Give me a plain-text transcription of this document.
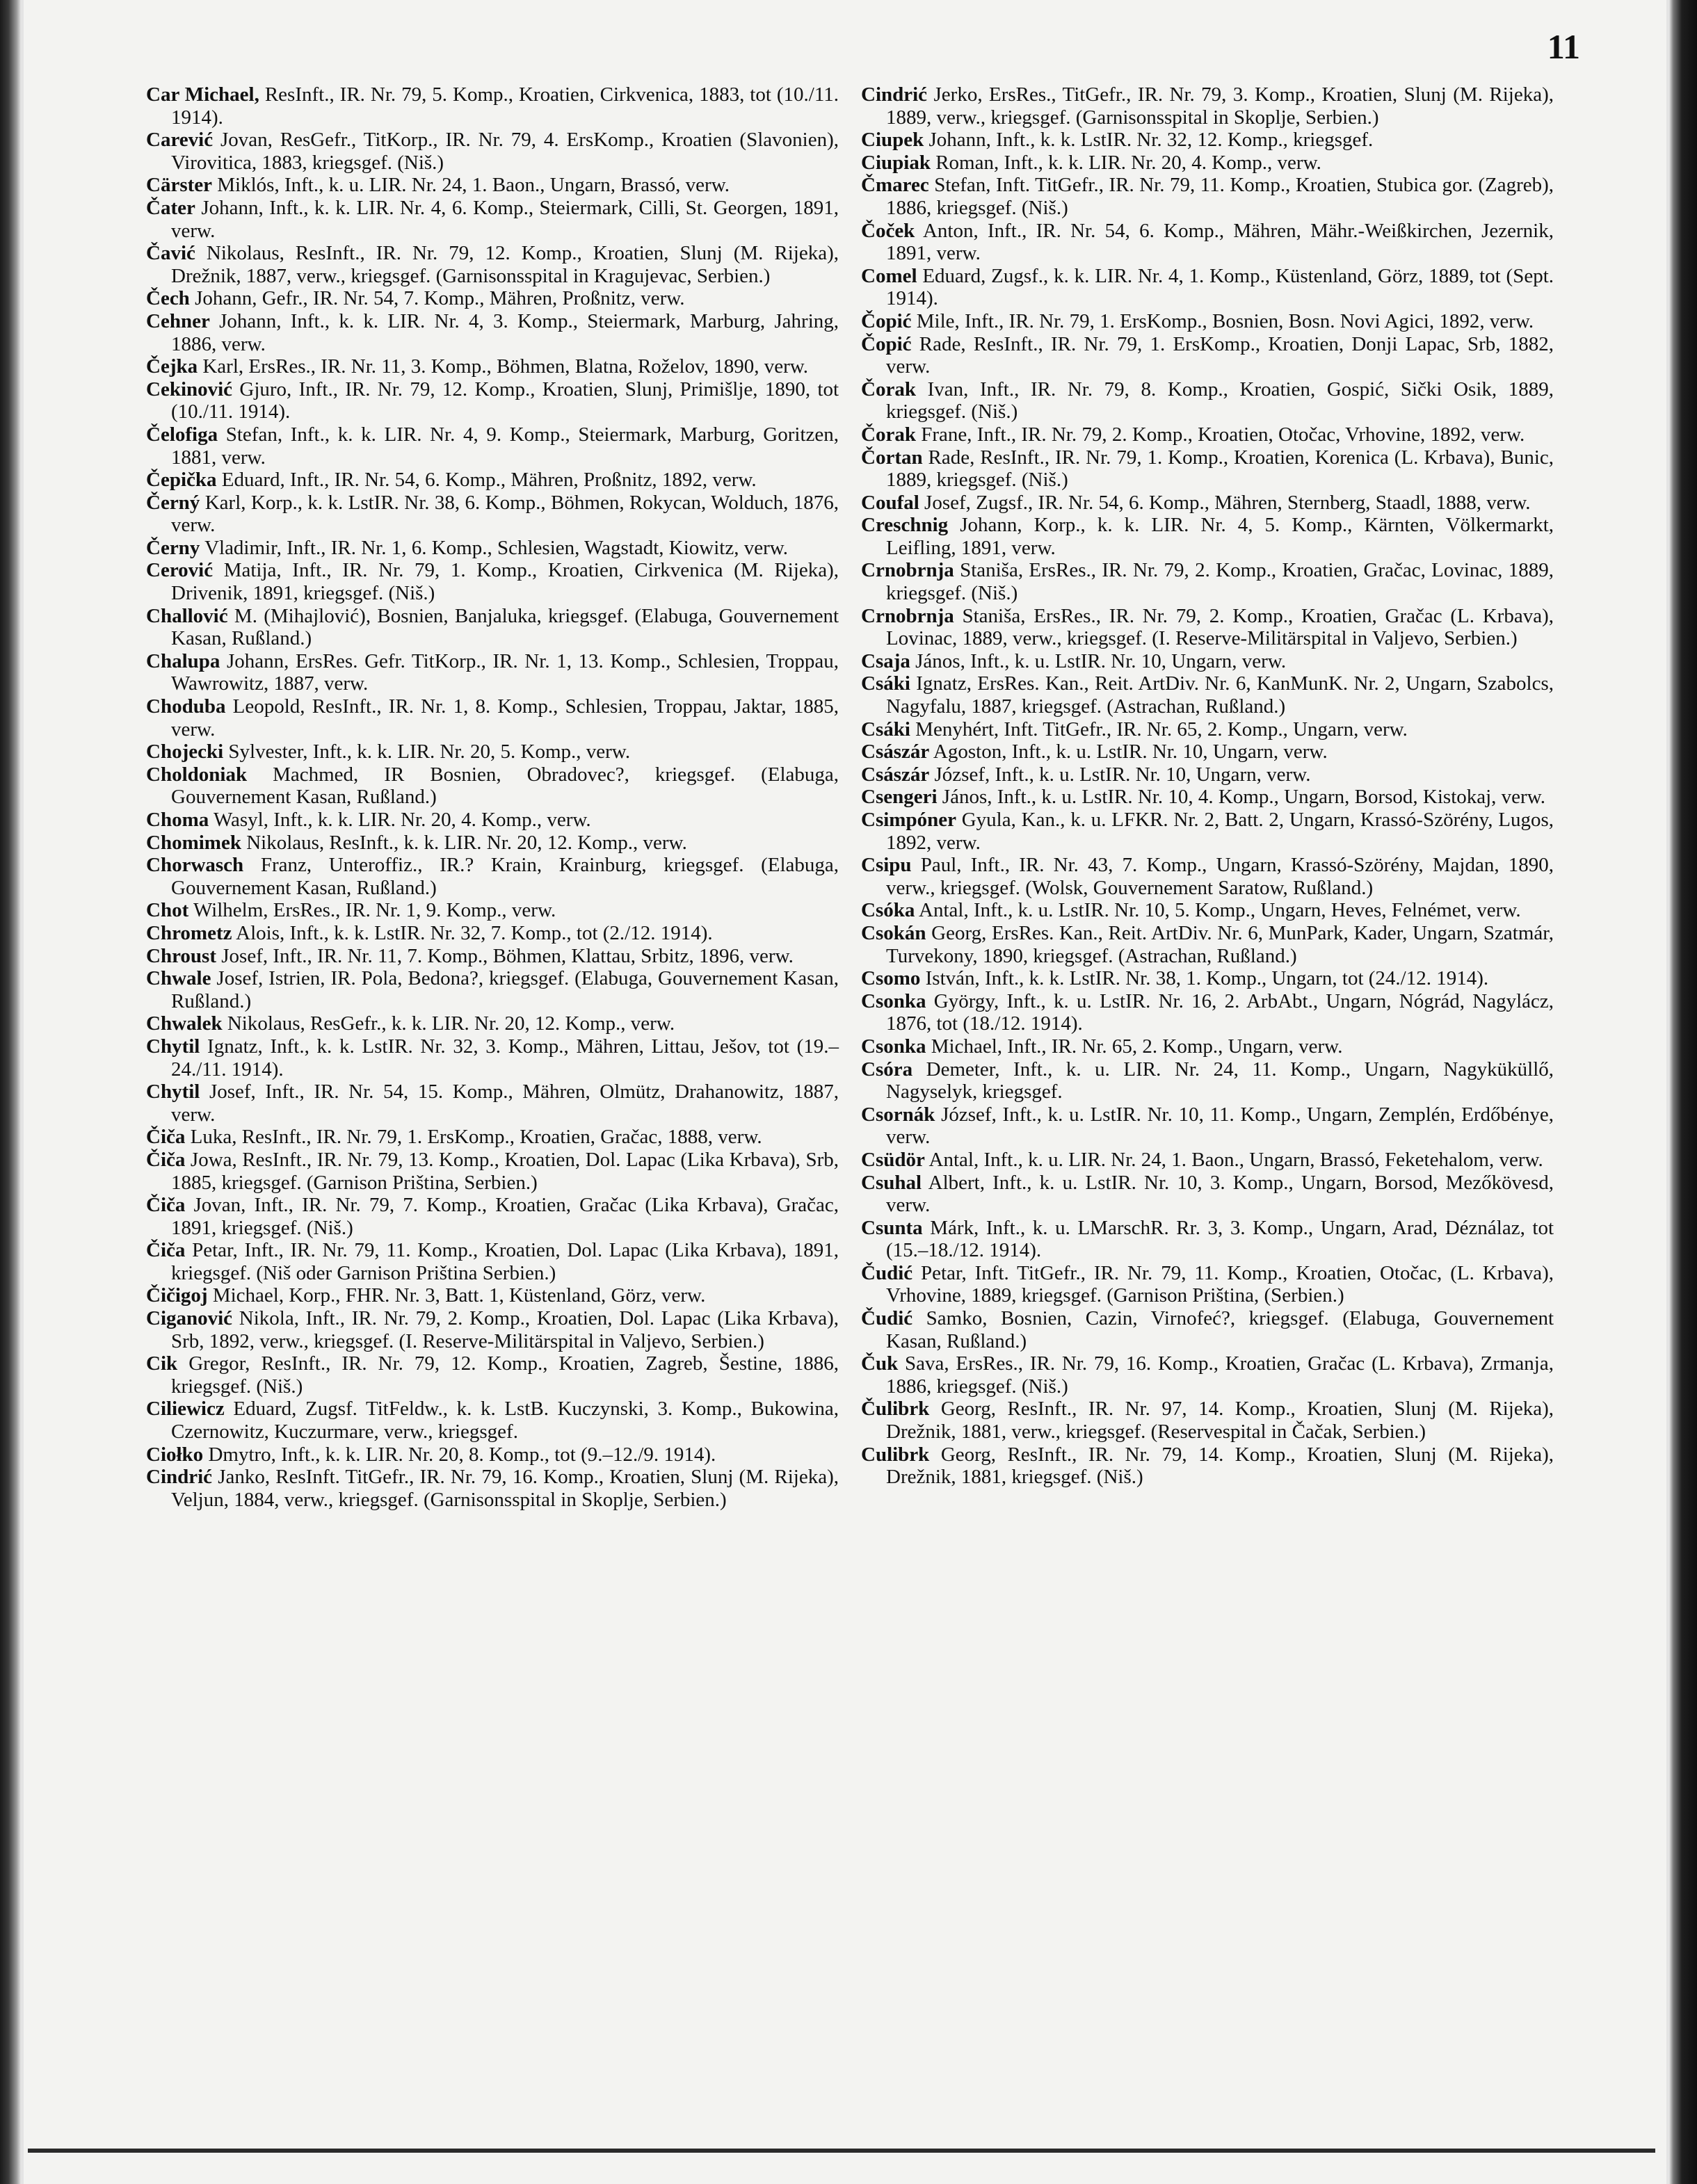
11

Car Michael, ResInft., IR. Nr. 79, 5. Komp., Kroatien, Cirkvenica, 1883, tot (10./11. 1914).

Carević Jovan, ResGefr., TitKorp., IR. Nr. 79, 4. ErsKomp., Kroatien (Slavonien), Virovitica, 1883, kriegsgef. (Niš.)

Cärster Miklós, Inft., k. u. LIR. Nr. 24, 1. Baon., Ungarn, Brassó, verw.

Čater Johann, Inft., k. k. LIR. Nr. 4, 6. Komp., Steiermark, Cilli, St. Georgen, 1891, verw.

Čavić Nikolaus, ResInft., IR. Nr. 79, 12. Komp., Kroatien, Slunj (M. Rijeka), Drežnik, 1887, verw., kriegsgef. (Garnisonsspital in Kragujevac, Serbien.)

Čech Johann, Gefr., IR. Nr. 54, 7. Komp., Mähren, Proßnitz, verw.

Cehner Johann, Inft., k. k. LIR. Nr. 4, 3. Komp., Steiermark, Marburg, Jahring, 1886, verw.

Čejka Karl, ErsRes., IR. Nr. 11, 3. Komp., Böhmen, Blatna, Roželov, 1890, verw.

Cekinović Gjuro, Inft., IR. Nr. 79, 12. Komp., Kroatien, Slunj, Primišlje, 1890, tot (10./11. 1914).

Čelofiga Stefan, Inft., k. k. LIR. Nr. 4, 9. Komp., Steiermark, Marburg, Goritzen, 1881, verw.

Čepička Eduard, Inft., IR. Nr. 54, 6. Komp., Mähren, Proßnitz, 1892, verw.

Černý Karl, Korp., k. k. LstIR. Nr. 38, 6. Komp., Böhmen, Rokycan, Wolduch, 1876, verw.

Černy Vladimir, Inft., IR. Nr. 1, 6. Komp., Schlesien, Wagstadt, Kiowitz, verw.

Cerović Matija, Inft., IR. Nr. 79, 1. Komp., Kroatien, Cirkvenica (M. Rijeka), Drivenik, 1891, kriegsgef. (Niš.)

Challović M. (Mihajlović), Bosnien, Banjaluka, kriegsgef. (Elabuga, Gouvernement Kasan, Rußland.)

Chalupa Johann, ErsRes. Gefr. TitKorp., IR. Nr. 1, 13. Komp., Schlesien, Troppau, Wawrowitz, 1887, verw.

Choduba Leopold, ResInft., IR. Nr. 1, 8. Komp., Schlesien, Troppau, Jaktar, 1885, verw.

Chojecki Sylvester, Inft., k. k. LIR. Nr. 20, 5. Komp., verw.

Choldoniak Machmed, IR Bosnien, Obradovec?, kriegsgef. (Elabuga, Gouvernement Kasan, Rußland.)

Choma Wasyl, Inft., k. k. LIR. Nr. 20, 4. Komp., verw.

Chomimek Nikolaus, ResInft., k. k. LIR. Nr. 20, 12. Komp., verw.

Chorwasch Franz, Unteroffiz., IR.? Krain, Krainburg, kriegsgef. (Elabuga, Gouvernement Kasan, Rußland.)

Chot Wilhelm, ErsRes., IR. Nr. 1, 9. Komp., verw.

Chrometz Alois, Inft., k. k. LstIR. Nr. 32, 7. Komp., tot (2./12. 1914).

Chroust Josef, Inft., IR. Nr. 11, 7. Komp., Böhmen, Klattau, Srbitz, 1896, verw.

Chwale Josef, Istrien, IR. Pola, Bedona?, kriegsgef. (Elabuga, Gouvernement Kasan, Rußland.)

Chwalek Nikolaus, ResGefr., k. k. LIR. Nr. 20, 12. Komp., verw.

Chytil Ignatz, Inft., k. k. LstIR. Nr. 32, 3. Komp., Mähren, Littau, Ješov, tot (19.–24./11. 1914).

Chytil Josef, Inft., IR. Nr. 54, 15. Komp., Mähren, Olmütz, Drahanowitz, 1887, verw.

Čiča Luka, ResInft., IR. Nr. 79, 1. ErsKomp., Kroatien, Gračac, 1888, verw.

Čiča Jowa, ResInft., IR. Nr. 79, 13. Komp., Kroatien, Dol. Lapac (Lika Krbava), Srb, 1885, kriegsgef. (Garnison Priština, Serbien.)

Čiča Jovan, Inft., IR. Nr. 79, 7. Komp., Kroatien, Gračac (Lika Krbava), Gračac, 1891, kriegsgef. (Niš.)

Čiča Petar, Inft., IR. Nr. 79, 11. Komp., Kroatien, Dol. Lapac (Lika Krbava), 1891, kriegsgef. (Niš oder Garnison Priština Serbien.)

Čičigoj Michael, Korp., FHR. Nr. 3, Batt. 1, Küstenland, Görz, verw.

Ciganović Nikola, Inft., IR. Nr. 79, 2. Komp., Kroatien, Dol. Lapac (Lika Krbava), Srb, 1892, verw., kriegsgef. (I. Reserve-Militärspital in Valjevo, Serbien.)

Cik Gregor, ResInft., IR. Nr. 79, 12. Komp., Kroatien, Zagreb, Šestine, 1886, kriegsgef. (Niš.)

Ciliewicz Eduard, Zugsf. TitFeldw., k. k. LstB. Kuczynski, 3. Komp., Bukowina, Czernowitz, Kuczurmare, verw., kriegsgef.

Ciołko Dmytro, Inft., k. k. LIR. Nr. 20, 8. Komp., tot (9.–12./9. 1914).

Cindrić Janko, ResInft. TitGefr., IR. Nr. 79, 16. Komp., Kroatien, Slunj (M. Rijeka), Veljun, 1884, verw., kriegsgef. (Garnisonsspital in Skoplje, Serbien.)

Cindrić Jerko, ErsRes., TitGefr., IR. Nr. 79, 3. Komp., Kroatien, Slunj (M. Rijeka), 1889, verw., kriegsgef. (Garnisonsspital in Skoplje, Serbien.)

Ciupek Johann, Inft., k. k. LstIR. Nr. 32, 12. Komp., kriegsgef.

Ciupiak Roman, Inft., k. k. LIR. Nr. 20, 4. Komp., verw.

Čmarec Stefan, Inft. TitGefr., IR. Nr. 79, 11. Komp., Kroatien, Stubica gor. (Zagreb), 1886, kriegsgef. (Niš.)

Čoček Anton, Inft., IR. Nr. 54, 6. Komp., Mähren, Mähr.-Weißkirchen, Jezernik, 1891, verw.

Comel Eduard, Zugsf., k. k. LIR. Nr. 4, 1. Komp., Küstenland, Görz, 1889, tot (Sept. 1914).

Čopić Mile, Inft., IR. Nr. 79, 1. ErsKomp., Bosnien, Bosn. Novi Agici, 1892, verw.

Čopić Rade, ResInft., IR. Nr. 79, 1. ErsKomp., Kroatien, Donji Lapac, Srb, 1882, verw.

Čorak Ivan, Inft., IR. Nr. 79, 8. Komp., Kroatien, Gospić, Sički Osik, 1889, kriegsgef. (Niš.)

Čorak Frane, Inft., IR. Nr. 79, 2. Komp., Kroatien, Otočac, Vrhovine, 1892, verw.

Čortan Rade, ResInft., IR. Nr. 79, 1. Komp., Kroatien, Korenica (L. Krbava), Bunic, 1889, kriegsgef. (Niš.)

Coufal Josef, Zugsf., IR. Nr. 54, 6. Komp., Mähren, Sternberg, Staadl, 1888, verw.

Creschnig Johann, Korp., k. k. LIR. Nr. 4, 5. Komp., Kärnten, Völkermarkt, Leifling, 1891, verw.

Crnobrnja Staniša, ErsRes., IR. Nr. 79, 2. Komp., Kroatien, Gračac, Lovinac, 1889, kriegsgef. (Niš.)

Crnobrnja Staniša, ErsRes., IR. Nr. 79, 2. Komp., Kroatien, Gračac (L. Krbava), Lovinac, 1889, verw., kriegsgef. (I. Reserve-Militärspital in Valjevo, Serbien.)

Csaja János, Inft., k. u. LstIR. Nr. 10, Ungarn, verw.

Csáki Ignatz, ErsRes. Kan., Reit. ArtDiv. Nr. 6, KanMunK. Nr. 2, Ungarn, Szabolcs, Nagyfalu, 1887, kriegsgef. (Astrachan, Rußland.)

Csáki Menyhért, Inft. TitGefr., IR. Nr. 65, 2. Komp., Ungarn, verw.

Császár Agoston, Inft., k. u. LstIR. Nr. 10, Ungarn, verw.

Császár József, Inft., k. u. LstIR. Nr. 10, Ungarn, verw.

Csengeri János, Inft., k. u. LstIR. Nr. 10, 4. Komp., Ungarn, Borsod, Kistokaj, verw.

Csimpóner Gyula, Kan., k. u. LFKR. Nr. 2, Batt. 2, Ungarn, Krassó-Szörény, Lugos, 1892, verw.

Csipu Paul, Inft., IR. Nr. 43, 7. Komp., Ungarn, Krassó-Szörény, Majdan, 1890, verw., kriegsgef. (Wolsk, Gouvernement Saratow, Rußland.)

Csóka Antal, Inft., k. u. LstIR. Nr. 10, 5. Komp., Ungarn, Heves, Felnémet, verw.

Csokán Georg, ErsRes. Kan., Reit. ArtDiv. Nr. 6, MunPark, Kader, Ungarn, Szatmár, Turvekony, 1890, kriegsgef. (Astrachan, Rußland.)

Csomo István, Inft., k. k. LstIR. Nr. 38, 1. Komp., Ungarn, tot (24./12. 1914).

Csonka György, Inft., k. u. LstIR. Nr. 16, 2. ArbAbt., Ungarn, Nógrád, Nagylácz, 1876, tot (18./12. 1914).

Csonka Michael, Inft., IR. Nr. 65, 2. Komp., Ungarn, verw.

Csóra Demeter, Inft., k. u. LIR. Nr. 24, 11. Komp., Ungarn, Nagyküküllő, Nagyselyk, kriegsgef.

Csornák József, Inft., k. u. LstIR. Nr. 10, 11. Komp., Ungarn, Zemplén, Erdőbénye, verw.

Csüdör Antal, Inft., k. u. LIR. Nr. 24, 1. Baon., Ungarn, Brassó, Feketehalom, verw.

Csuhal Albert, Inft., k. u. LstIR. Nr. 10, 3. Komp., Ungarn, Borsod, Mezőkövesd, verw.

Csunta Márk, Inft., k. u. LMarschR. Rr. 3, 3. Komp., Ungarn, Arad, Déználaz, tot (15.–18./12. 1914).

Čudić Petar, Inft. TitGefr., IR. Nr. 79, 11. Komp., Kroatien, Otočac, (L. Krbava), Vrhovine, 1889, kriegsgef. (Garnison Priština, (Serbien.)

Čudić Samko, Bosnien, Cazin, Virnofeć?, kriegsgef. (Elabuga, Gouvernement Kasan, Rußland.)

Čuk Sava, ErsRes., IR. Nr. 79, 16. Komp., Kroatien, Gračac (L. Krbava), Zrmanja, 1886, kriegsgef. (Niš.)

Čulibrk Georg, ResInft., IR. Nr. 97, 14. Komp., Kroatien, Slunj (M. Rijeka), Drežnik, 1881, verw., kriegsgef. (Reservespital in Čačak, Serbien.)

Culibrk Georg, ResInft., IR. Nr. 79, 14. Komp., Kroatien, Slunj (M. Rijeka), Drežnik, 1881, kriegsgef. (Niš.)
